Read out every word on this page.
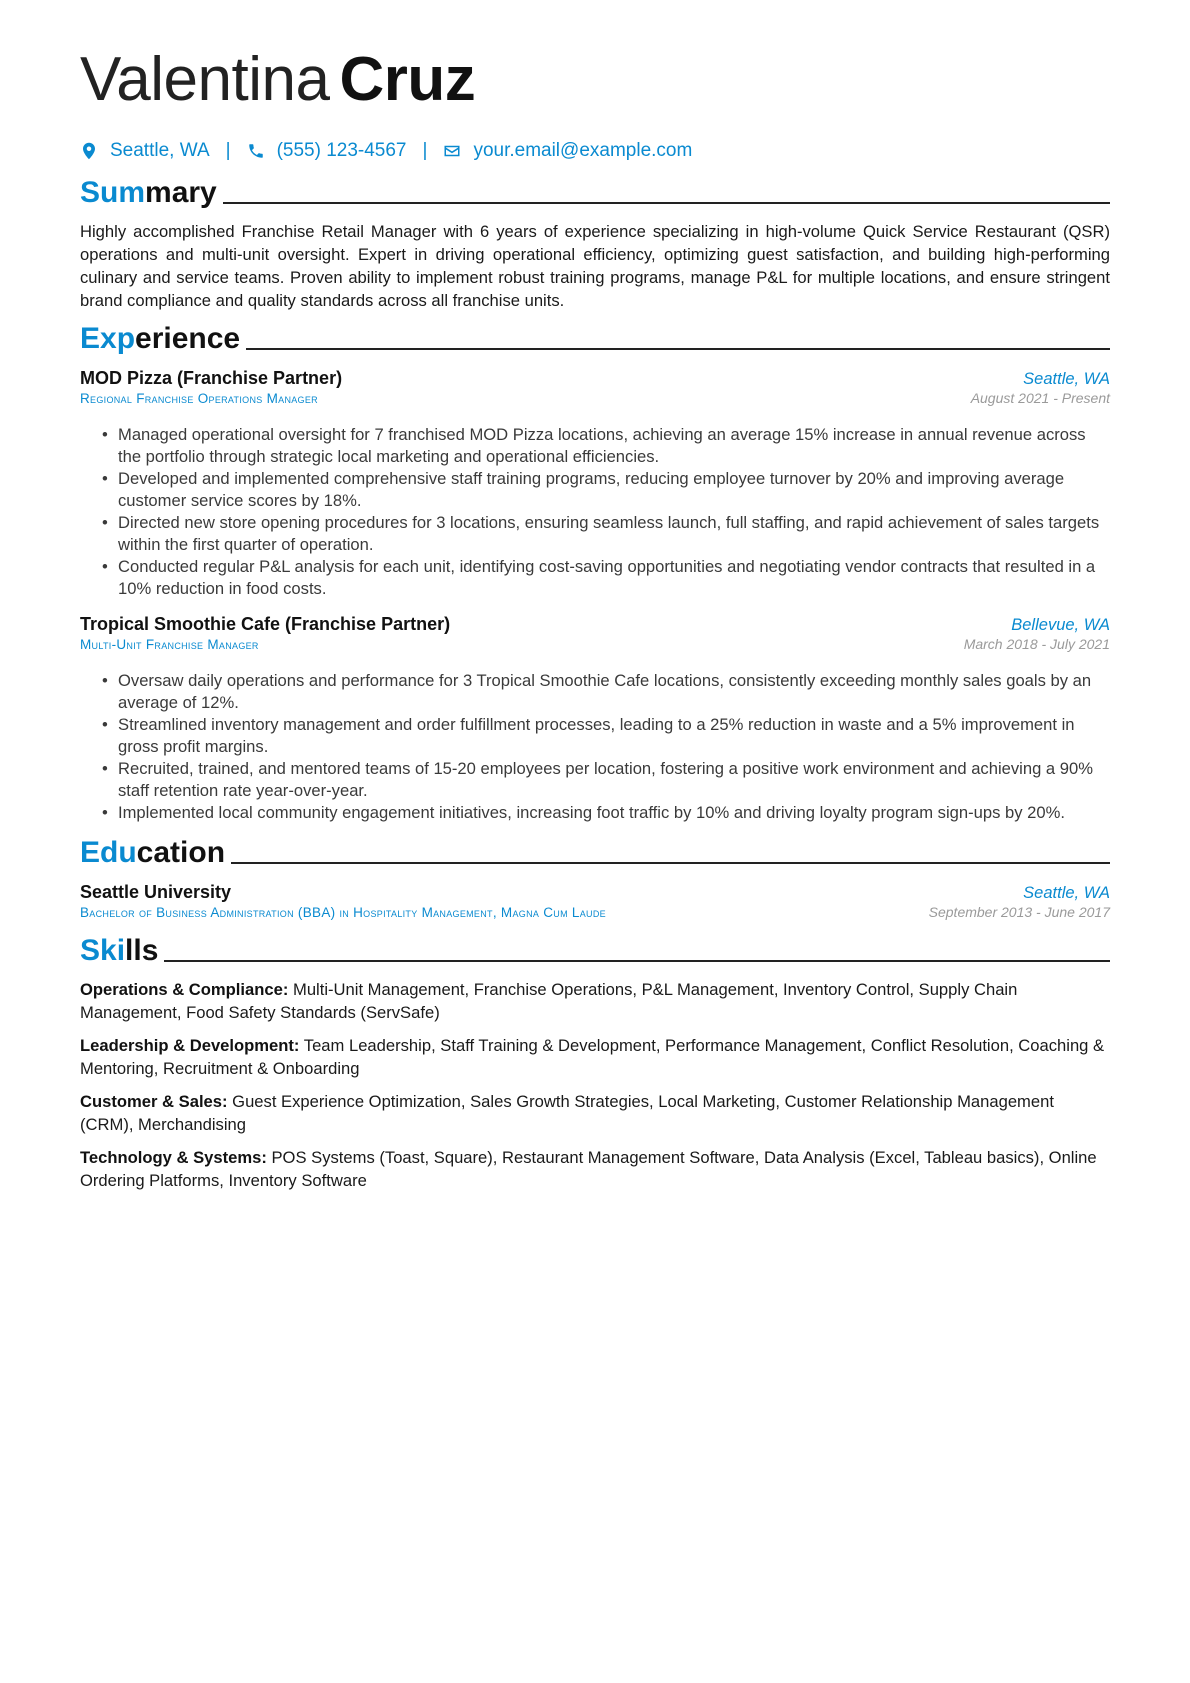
Valentina Cruz
Seattle, WA | (555) 123-4567 | your.email@example.com
Summary
Highly accomplished Franchise Retail Manager with 6 years of experience specializing in high-volume Quick Service Restaurant (QSR) operations and multi-unit oversight. Expert in driving operational efficiency, optimizing guest satisfaction, and building high-performing culinary and service teams. Proven ability to implement robust training programs, manage P&L for multiple locations, and ensure stringent brand compliance and quality standards across all franchise units.
Experience
MOD Pizza (Franchise Partner)	Seattle, WA
Regional Franchise Operations Manager	August 2021 - Present
• Managed operational oversight for 7 franchised MOD Pizza locations, achieving an average 15% increase in annual revenue across the portfolio through strategic local marketing and operational efficiencies.
• Developed and implemented comprehensive staff training programs, reducing employee turnover by 20% and improving average customer service scores by 18%.
• Directed new store opening procedures for 3 locations, ensuring seamless launch, full staffing, and rapid achievement of sales targets within the first quarter of operation.
• Conducted regular P&L analysis for each unit, identifying cost-saving opportunities and negotiating vendor contracts that resulted in a 10% reduction in food costs.
Tropical Smoothie Cafe (Franchise Partner)	Bellevue, WA
Multi-Unit Franchise Manager	March 2018 - July 2021
• Oversaw daily operations and performance for 3 Tropical Smoothie Cafe locations, consistently exceeding monthly sales goals by an average of 12%.
• Streamlined inventory management and order fulfillment processes, leading to a 25% reduction in waste and a 5% improvement in gross profit margins.
• Recruited, trained, and mentored teams of 15-20 employees per location, fostering a positive work environment and achieving a 90% staff retention rate year-over-year.
• Implemented local community engagement initiatives, increasing foot traffic by 10% and driving loyalty program sign-ups by 20%.
Education
Seattle University	Seattle, WA
Bachelor of Business Administration (BBA) in Hospitality Management, Magna Cum Laude	September 2013 - June 2017
Skills
Operations & Compliance: Multi-Unit Management, Franchise Operations, P&L Management, Inventory Control, Supply Chain Management, Food Safety Standards (ServSafe)
Leadership & Development: Team Leadership, Staff Training & Development, Performance Management, Conflict Resolution, Coaching & Mentoring, Recruitment & Onboarding
Customer & Sales: Guest Experience Optimization, Sales Growth Strategies, Local Marketing, Customer Relationship Management (CRM), Merchandising
Technology & Systems: POS Systems (Toast, Square), Restaurant Management Software, Data Analysis (Excel, Tableau basics), Online Ordering Platforms, Inventory Software
